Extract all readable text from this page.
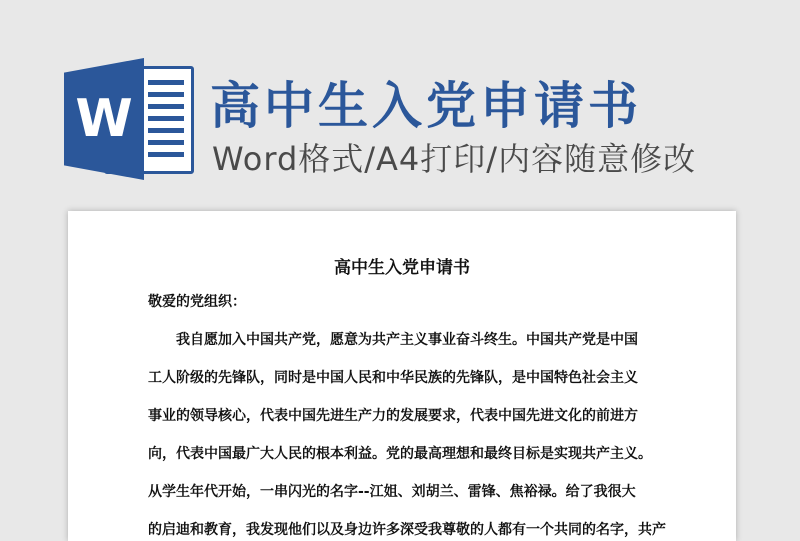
W 高中生入党申请书
Word格式/A4打印/内容随意修改
高中生入党申请书
敬爱的党组织：
　　我自愿加入中国共产党，愿意为共产主义事业奋斗终生。中国共产党是中国
工人阶级的先锋队，同时是中国人民和中华民族的先锋队，是中国特色社会主义
事业的领导核心，代表中国先进生产力的发展要求，代表中国先进文化的前进方
向，代表中国最广大人民的根本利益。党的最高理想和最终目标是实现共产主义。
从学生年代开始，一串闪光的名字--江姐、刘胡兰、雷锋、焦裕禄。给了我很大
的启迪和教育，我发现他们以及身边许多深受我尊敬的人都有一个共同的名字，共产
